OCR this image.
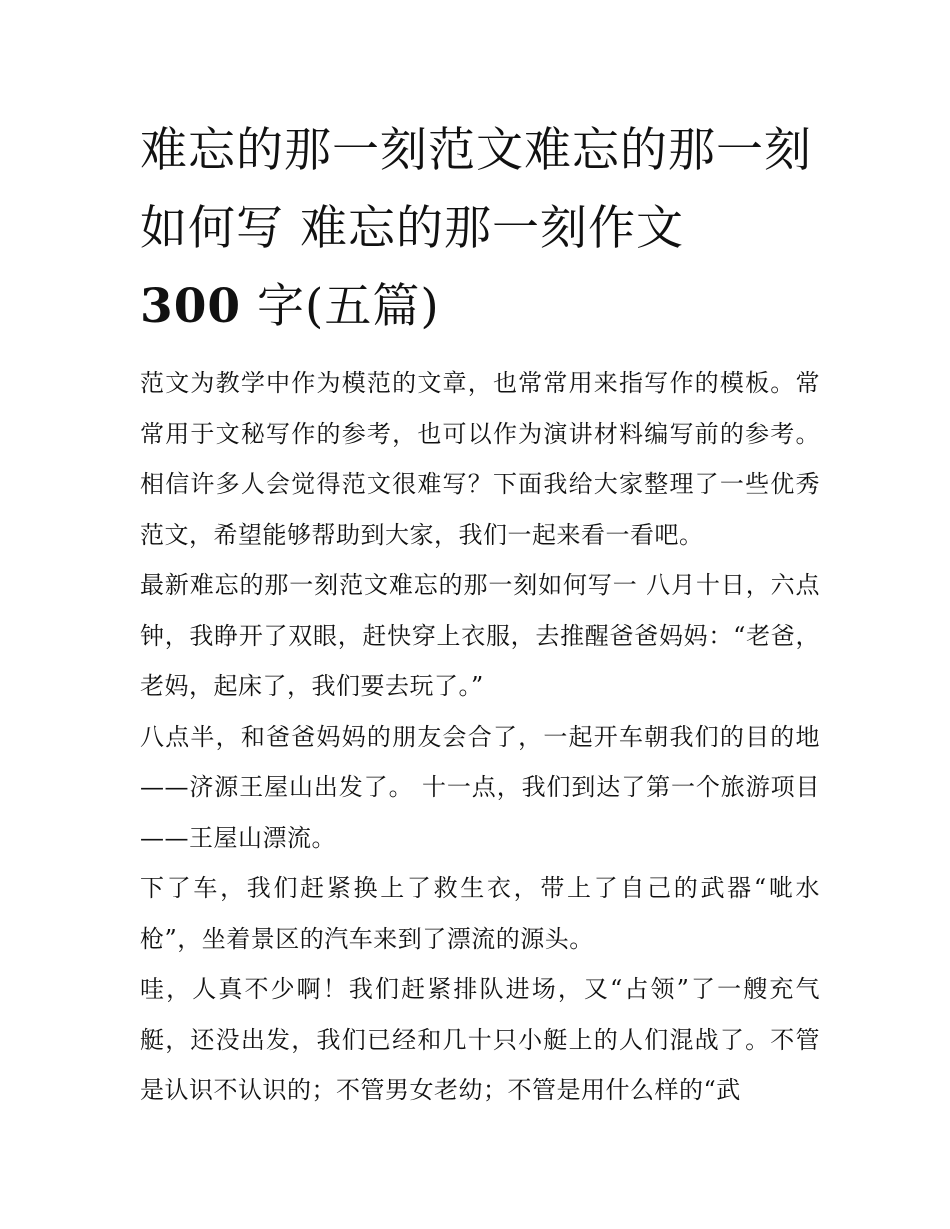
难忘的那一刻范文难忘的那一刻如何写 难忘的那一刻作文
300 字(五篇)

范文为教学中作为模范的文章，也常常用来指写作的模板。常常用于文秘写作的参考，也可以作为演讲材料编写前的参考。相信许多人会觉得范文很难写？下面我给大家整理了一些优秀范文，希望能够帮助到大家，我们一起来看一看吧。

最新难忘的那一刻范文难忘的那一刻如何写一 八月十日，六点钟，我睁开了双眼，赶快穿上衣服，去推醒爸爸妈妈：“老爸，老妈，起床了，我们要去玩了。”

八点半，和爸爸妈妈的朋友会合了，一起开车朝我们的目的地——济源王屋山出发了。 十一点，我们到达了第一个旅游项目——王屋山漂流。

下了车，我们赶紧换上了救生衣，带上了自己的武器“呲水枪”，坐着景区的汽车来到了漂流的源头。

哇，人真不少啊！我们赶紧排队进场，又“占领”了一艘充气艇，还没出发，我们已经和几十只小艇上的人们混战了。不管是认识不认识的；不管男女老幼；不管是用什么样的“武
